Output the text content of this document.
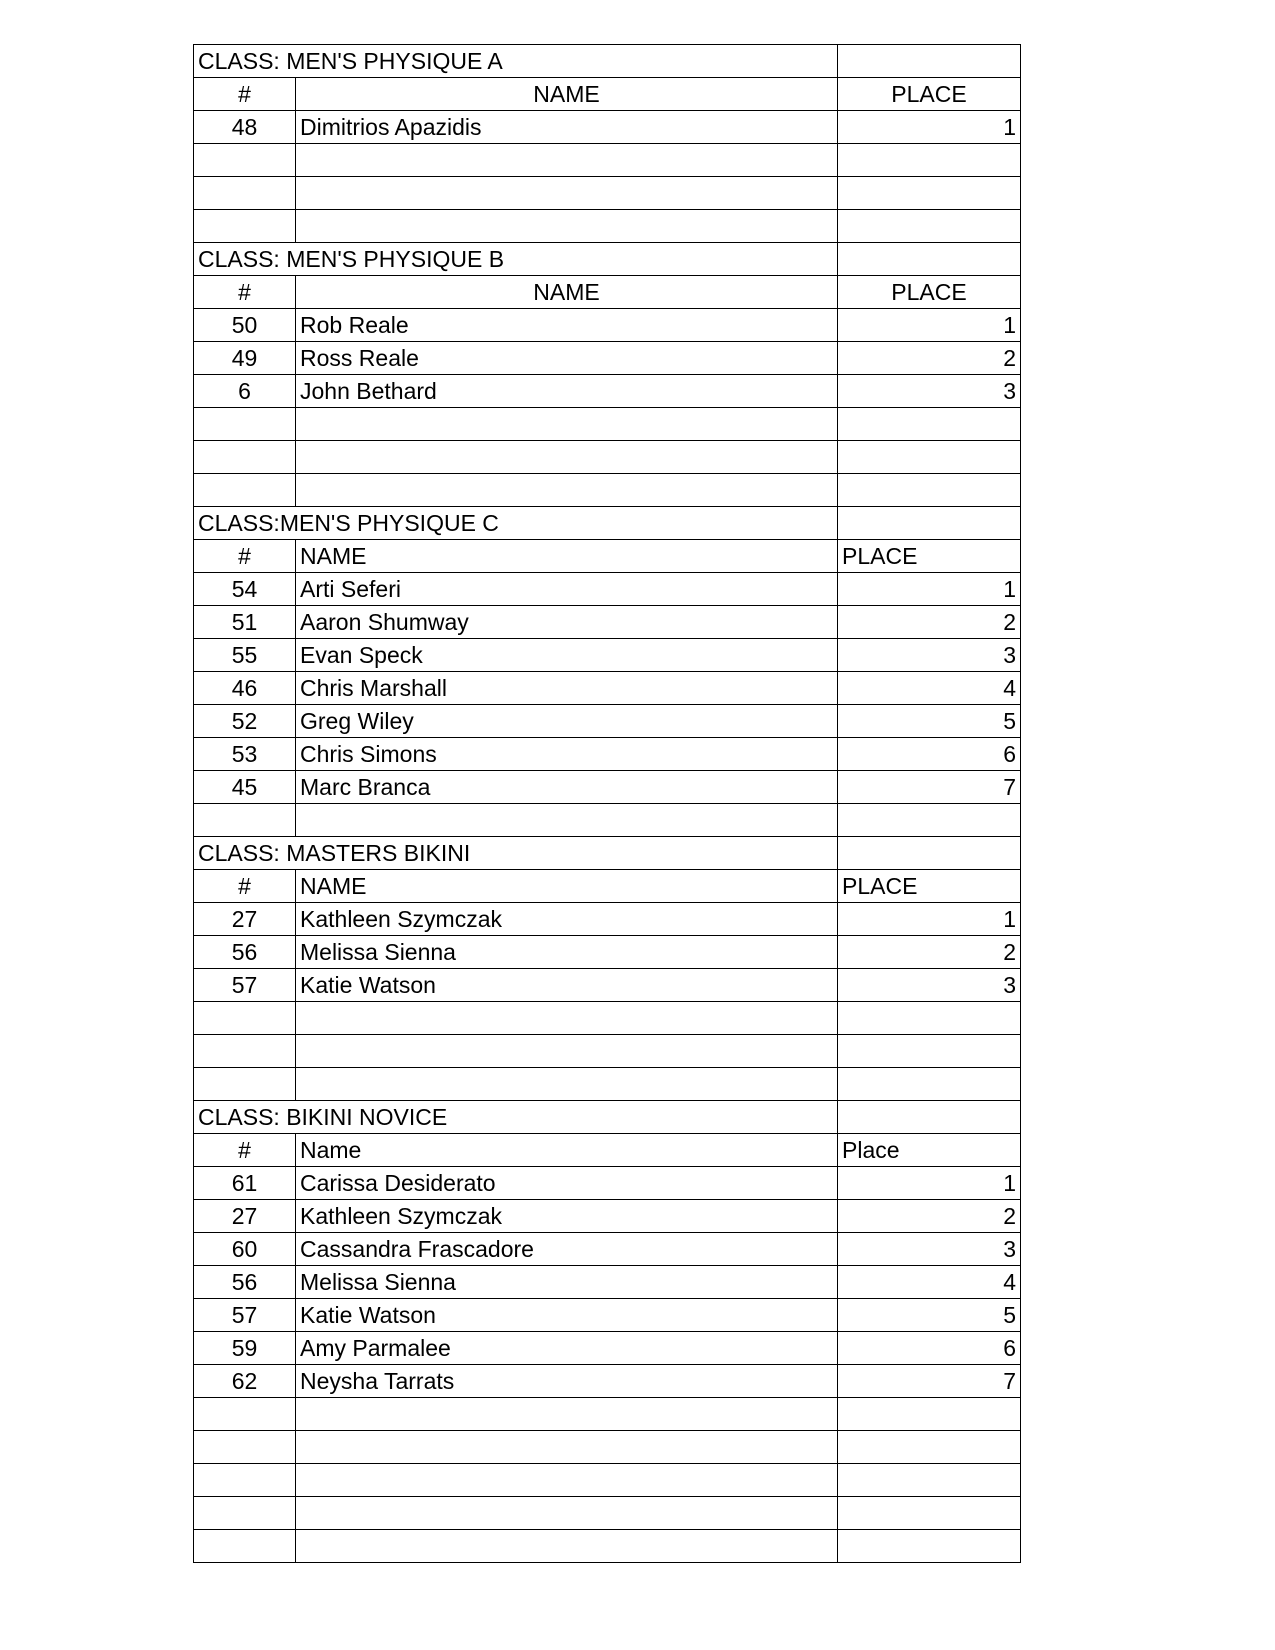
CLASS: MEN'S PHYSIQUE A		
#	NAME	PLACE
48	Dimitrios Apazidis	1

CLASS: MEN'S PHYSIQUE B		
#	NAME	PLACE
50	Rob Reale	1
49	Ross Reale	2
6	John Bethard	3

CLASS:MEN'S PHYSIQUE C		
#	NAME	PLACE
54	Arti Seferi	1
51	Aaron Shumway	2
55	Evan Speck	3
46	Chris Marshall	4
52	Greg Wiley	5
53	Chris Simons	6
45	Marc Branca	7

CLASS: MASTERS BIKINI		
#	NAME	PLACE
27	Kathleen Szymczak	1
56	Melissa Sienna	2
57	Katie Watson	3

CLASS: BIKINI NOVICE		
#	Name	Place
61	Carissa Desiderato	1
27	Kathleen Szymczak	2
60	Cassandra Frascadore	3
56	Melissa Sienna	4
57	Katie Watson	5
59	Amy Parmalee	6
62	Neysha Tarrats	7
